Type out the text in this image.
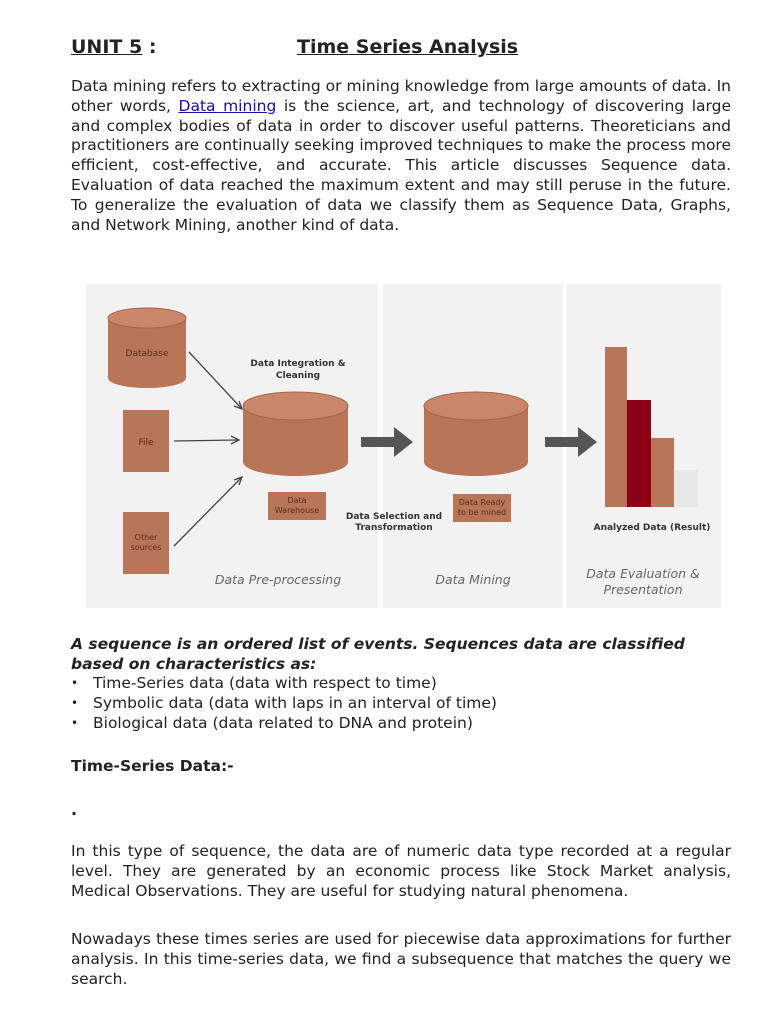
UNIT 5 :	Time Series Analysis

Data mining refers to extracting or mining knowledge from large amounts of data. In other words, Data mining is the science, art, and technology of discovering large and complex bodies of data in order to discover useful patterns. Theoreticians and practitioners are continually seeking improved techniques to make the process more efficient, cost-effective, and accurate. This article discusses Sequence data. Evaluation of data reached the maximum extent and may still peruse in the future. To generalize the evaluation of data we classify them as Sequence Data, Graphs, and Network Mining, another kind of data.

Database
File
Other
sources
Data Integration &
Cleaning
Data
Warehouse
Data Ready
to be mined
Data Selection and
Transformation	Analyzed Data (Result)
Data Pre-processing	Data Mining	Data Evaluation &
Presentation

A sequence is an ordered list of events. Sequences data are classified based on characteristics as:

• Time-Series data (data with respect to time)
• Symbolic data (data with laps in an interval of time)
• Biological data (data related to DNA and protein)
Time-Series Data:-
.

In this type of sequence, the data are of numeric data type recorded at a regular level. They are generated by an economic process like Stock Market analysis, Medical Observations. They are useful for studying natural phenomena.

Nowadays these times series are used for piecewise data approximations for further analysis. In this time-series data, we find a subsequence that matches the query we search.
